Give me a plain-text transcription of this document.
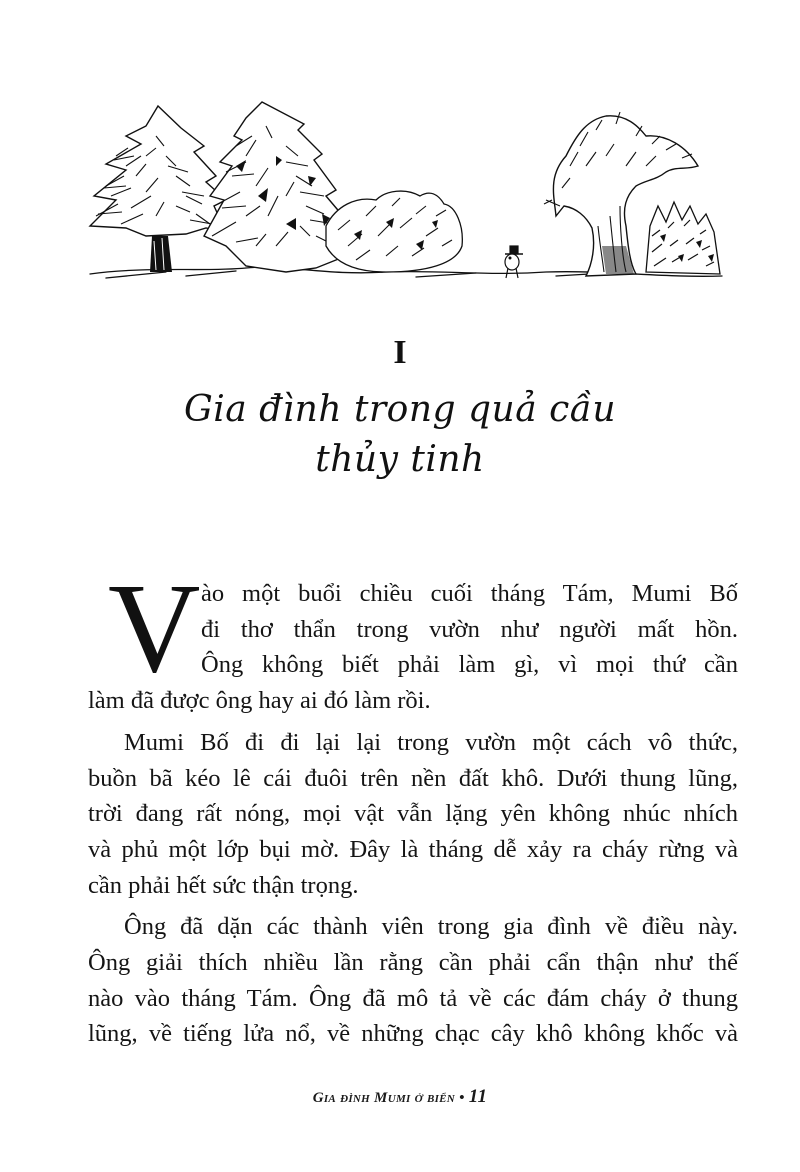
I
Gia đình trong quả cầu
thủy tinh
V ào một buổi chiều cuối tháng Tám, Mumi Bố
đi thơ thẩn trong vườn như người mất hồn.
Ông không biết phải làm gì, vì mọi thứ cần
làm đã được ông hay ai đó làm rồi.
Mumi Bố đi đi lại lại trong vườn một cách vô thức,
buồn bã kéo lê cái đuôi trên nền đất khô. Dưới thung lũng,
trời đang rất nóng, mọi vật vẫn lặng yên không nhúc nhích
và phủ một lớp bụi mờ. Đây là tháng dễ xảy ra cháy rừng và
cần phải hết sức thận trọng.
Ông đã dặn các thành viên trong gia đình về điều này.
Ông giải thích nhiều lần rằng cần phải cẩn thận như thế
nào vào tháng Tám. Ông đã mô tả về các đám cháy ở thung
lũng, về tiếng lửa nổ, về những chạc cây khô không khốc và
Gia đình Mumi ở biển • 11
